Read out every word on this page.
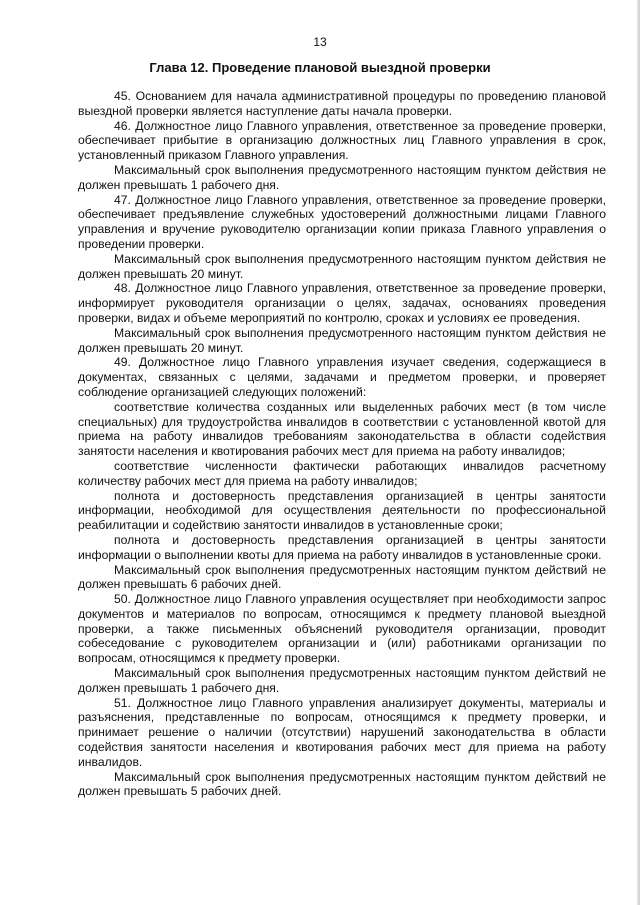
13
Глава 12. Проведение плановой выездной проверки

45. Основанием для начала административной процедуры по проведению плановой выездной проверки является наступление даты начала проверки.

46. Должностное лицо Главного управления, ответственное за проведение проверки, обеспечивает прибытие в организацию должностных лиц Главного управления в срок, установленный приказом Главного управления.

Максимальный срок выполнения предусмотренного настоящим пунктом действия не должен превышать 1 рабочего дня.

47. Должностное лицо Главного управления, ответственное за проведение проверки, обеспечивает предъявление служебных удостоверений должностными лицами Главного управления и вручение руководителю организации копии приказа Главного управления о проведении проверки.

Максимальный срок выполнения предусмотренного настоящим пунктом действия не должен превышать 20 минут.

48. Должностное лицо Главного управления, ответственное за проведение проверки, информирует руководителя организации о целях, задачах, основаниях проведения проверки, видах и объеме мероприятий по контролю, сроках и условиях ее проведения.

Максимальный срок выполнения предусмотренного настоящим пунктом действия не должен превышать 20 минут.

49. Должностное лицо Главного управления изучает сведения, содержащиеся в документах, связанных с целями, задачами и предметом проверки, и проверяет соблюдение организацией следующих положений:

соответствие количества созданных или выделенных рабочих мест (в том числе специальных) для трудоустройства инвалидов в соответствии с установленной квотой для приема на работу инвалидов требованиям законодательства в области содействия занятости населения и квотирования рабочих мест для приема на работу инвалидов;

соответствие численности фактически работающих инвалидов расчетному количеству рабочих мест для приема на работу инвалидов;

полнота и достоверность представления организацией в центры занятости информации, необходимой для осуществления деятельности по профессиональной реабилитации и содействию занятости инвалидов в установленные сроки;

полнота и достоверность представления организацией в центры занятости информации о выполнении квоты для приема на работу инвалидов в установленные сроки.

Максимальный срок выполнения предусмотренных настоящим пунктом действий не должен превышать 6 рабочих дней.

50. Должностное лицо Главного управления осуществляет при необходимости запрос документов и материалов по вопросам, относящимся к предмету плановой выездной проверки, а также письменных объяснений руководителя организации, проводит собеседование с руководителем организации и (или) работниками организации по вопросам, относящимся к предмету проверки.

Максимальный срок выполнения предусмотренных настоящим пунктом действий не должен превышать 1 рабочего дня.

51. Должностное лицо Главного управления анализирует документы, материалы и разъяснения, представленные по вопросам, относящимся к предмету проверки, и принимает решение о наличии (отсутствии) нарушений законодательства в области содействия занятости населения и квотирования рабочих мест для приема на работу инвалидов.

Максимальный срок выполнения предусмотренных настоящим пунктом действий не должен превышать 5 рабочих дней.
